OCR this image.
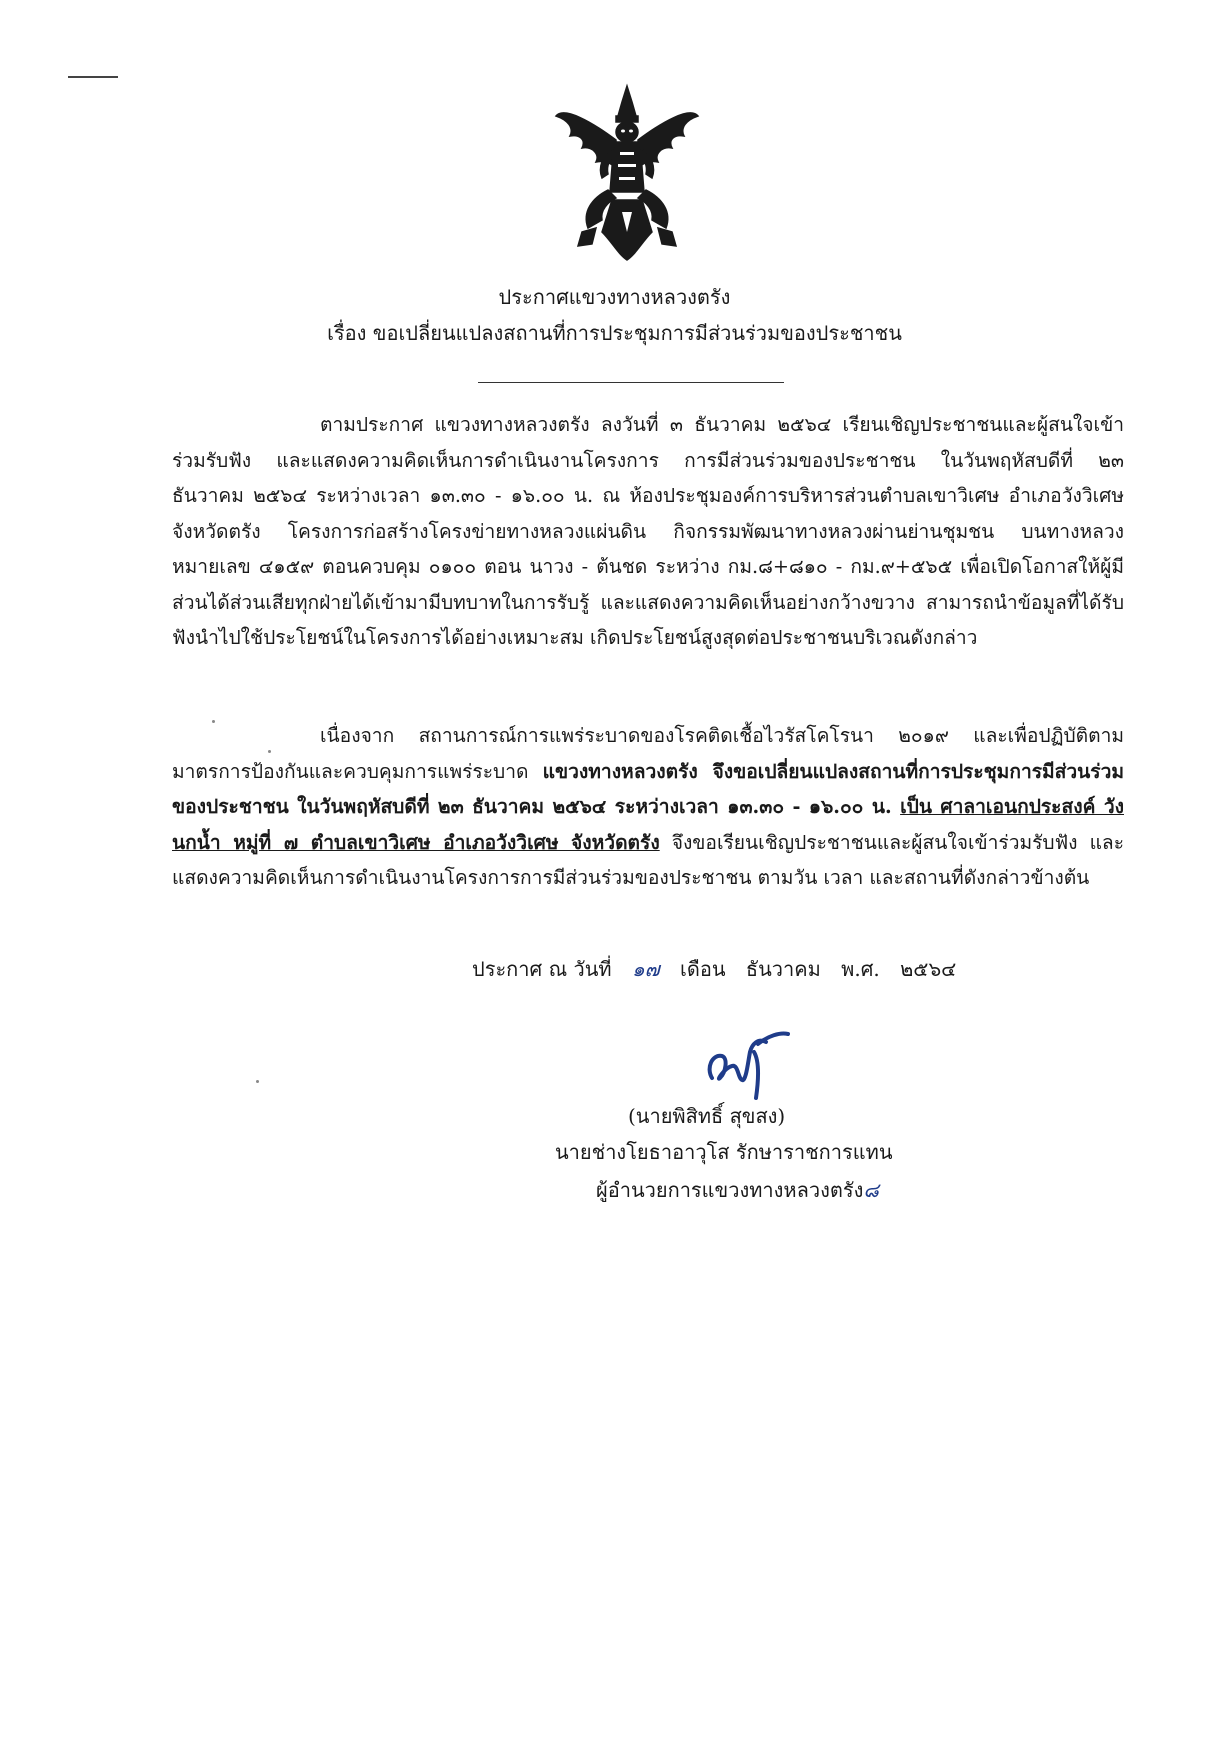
ประกาศแขวงทางหลวงตรัง
เรื่อง ขอเปลี่ยนแปลงสถานที่การประชุมการมีส่วนร่วมของประชาชน
ตามประกาศ แขวงทางหลวงตรัง ลงวันที่ ๓ ธันวาคม ๒๕๖๔ เรียนเชิญประชาชนและผู้สนใจเข้าร่วมรับฟัง และแสดงความคิดเห็นการดำเนินงานโครงการ การมีส่วนร่วมของประชาชน ในวันพฤหัสบดีที่ ๒๓ ธันวาคม ๒๕๖๔ ระหว่างเวลา ๑๓.๓๐ - ๑๖.๐๐ น. ณ ห้องประชุมองค์การบริหารส่วนตำบลเขาวิเศษ อำเภอวังวิเศษ จังหวัดตรัง โครงการก่อสร้างโครงข่ายทางหลวงแผ่นดิน กิจกรรมพัฒนาทางหลวงผ่านย่านชุมชน บนทางหลวงหมายเลข ๔๑๕๙ ตอนควบคุม ๐๑๐๐ ตอน นาวง - ต้นชด ระหว่าง กม.๘+๘๑๐ - กม.๙+๕๖๕ เพื่อเปิดโอกาสให้ผู้มีส่วนได้ส่วนเสียทุกฝ่ายได้เข้ามามีบทบาทในการรับรู้ และแสดงความคิดเห็นอย่างกว้างขวาง สามารถนำข้อมูลที่ได้รับฟังนำไปใช้ประโยชน์ในโครงการได้อย่างเหมาะสม เกิดประโยชน์สูงสุดต่อประชาชนบริเวณดังกล่าว
เนื่องจาก สถานการณ์การแพร่ระบาดของโรคติดเชื้อไวรัสโคโรนา ๒๐๑๙ และเพื่อปฏิบัติตามมาตรการป้องกันและควบคุมการแพร่ระบาด แขวงทางหลวงตรัง จึงขอเปลี่ยนแปลงสถานที่การประชุมการมีส่วนร่วมของประชาชน ในวันพฤหัสบดีที่ ๒๓ ธันวาคม ๒๕๖๔ ระหว่างเวลา ๑๓.๓๐ - ๑๖.๐๐ น. เป็น ศาลาเอนกประสงค์ วังนกน้ำ หมู่ที่ ๗ ตำบลเขาวิเศษ อำเภอวังวิเศษ จังหวัดตรัง จึงขอเรียนเชิญประชาชนและผู้สนใจเข้าร่วมรับฟัง และแสดงความคิดเห็นการดำเนินงานโครงการการมีส่วนร่วมของประชาชน ตามวัน เวลา และสถานที่ดังกล่าวข้างต้น
ประกาศ ณ วันที่ ๑๗ เดือน ธันวาคม พ.ศ. ๒๕๖๔
(นายพิสิทธิ์ สุขสง)
นายช่างโยธาอาวุโส รักษาราชการแทน
ผู้อำนวยการแขวงทางหลวงตรัง๘
